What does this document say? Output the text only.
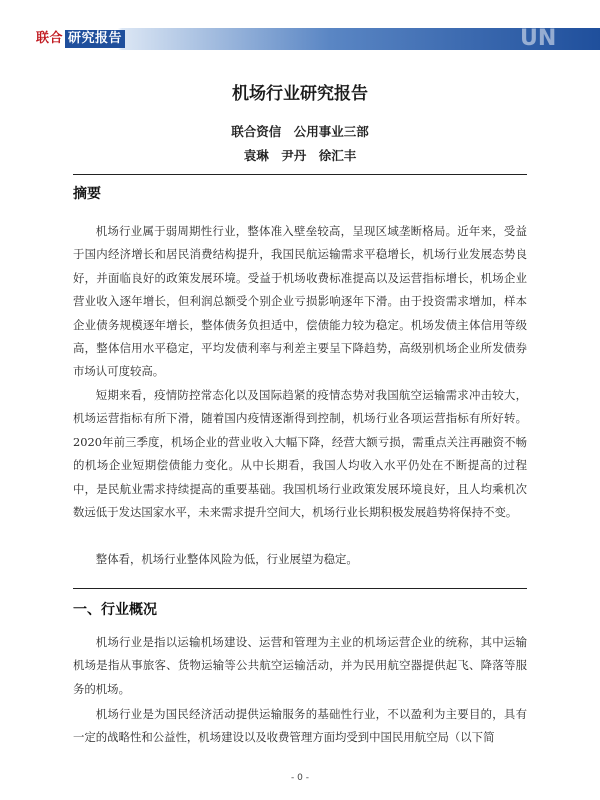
联合 研究报告	UN
机场行业研究报告
联合资信　公用事业三部
袁琳　尹丹　徐汇丰
摘要

机场行业属于弱周期性行业，整体准入壁垒较高，呈现区域垄断格局。近年来，受益于国内经济增长和居民消费结构提升，我国民航运输需求平稳增长，机场行业发展态势良好，并面临良好的政策发展环境。受益于机场收费标准提高以及运营指标增长，机场企业营业收入逐年增长，但利润总额受个别企业亏损影响逐年下滑。由于投资需求增加，样本企业债务规模逐年增长，整体债务负担适中，偿债能力较为稳定。机场发债主体信用等级高，整体信用水平稳定，平均发债利率与利差主要呈下降趋势，高级别机场企业所发债券市场认可度较高。

短期来看，疫情防控常态化以及国际趋紧的疫情态势对我国航空运输需求冲击较大，机场运营指标有所下滑，随着国内疫情逐渐得到控制，机场行业各项运营指标有所好转。2020年前三季度，机场企业的营业收入大幅下降，经营大额亏损，需重点关注再融资不畅的机场企业短期偿债能力变化。从中长期看，我国人均收入水平仍处在不断提高的过程中，是民航业需求持续提高的重要基础。我国机场行业政策发展环境良好，且人均乘机次数远低于发达国家水平，未来需求提升空间大，机场行业长期积极发展趋势将保持不变。

整体看，机场行业整体风险为低，行业展望为稳定。

一、行业概况

机场行业是指以运输机场建设、运营和管理为主业的机场运营企业的统称，其中运输机场是指从事旅客、货物运输等公共航空运输活动，并为民用航空器提供起飞、降落等服务的机场。

机场行业是为国民经济活动提供运输服务的基础性行业，不以盈利为主要目的，具有一定的战略性和公益性，机场建设以及收费管理方面均受到中国民用航空局（以下简

- 0 -
